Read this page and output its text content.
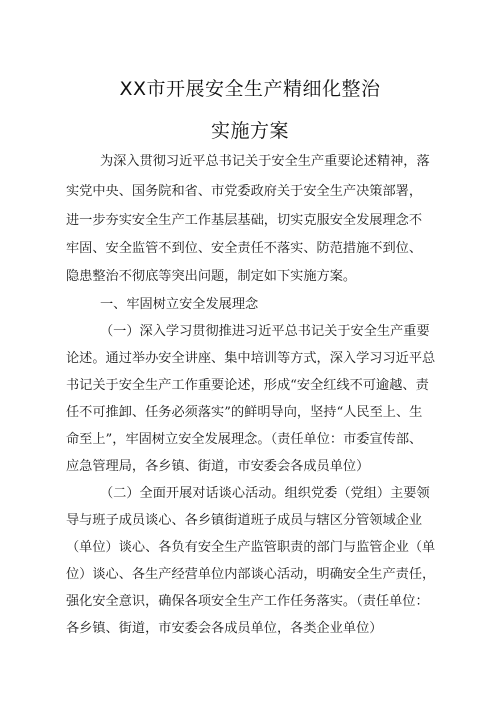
XX市开展安全生产精细化整治
实施方案
为深入贯彻习近平总书记关于安全生产重要论述精神，落
实党中央、国务院和省、市党委政府关于安全生产决策部署，
进一步夯实安全生产工作基层基础，切实克服安全发展理念不
牢固、安全监管不到位、安全责任不落实、防范措施不到位、
隐患整治不彻底等突出问题，制定如下实施方案。
一、牢固树立安全发展理念
（一）深入学习贯彻推进习近平总书记关于安全生产重要
论述。通过举办安全讲座、集中培训等方式，深入学习习近平总
书记关于安全生产工作重要论述，形成“安全红线不可逾越、责
任不可推卸、任务必须落实”的鲜明导向，坚持“人民至上、生
命至上”，牢固树立安全发展理念。（责任单位：市委宣传部、
应急管理局，各乡镇、街道，市安委会各成员单位）
（二）全面开展对话谈心活动。组织党委（党组）主要领
导与班子成员谈心、各乡镇街道班子成员与辖区分管领域企业
（单位）谈心、各负有安全生产监管职责的部门与监管企业（单
位）谈心、各生产经营单位内部谈心活动，明确安全生产责任，
强化安全意识，确保各项安全生产工作任务落实。（责任单位：
各乡镇、街道，市安委会各成员单位，各类企业单位）
